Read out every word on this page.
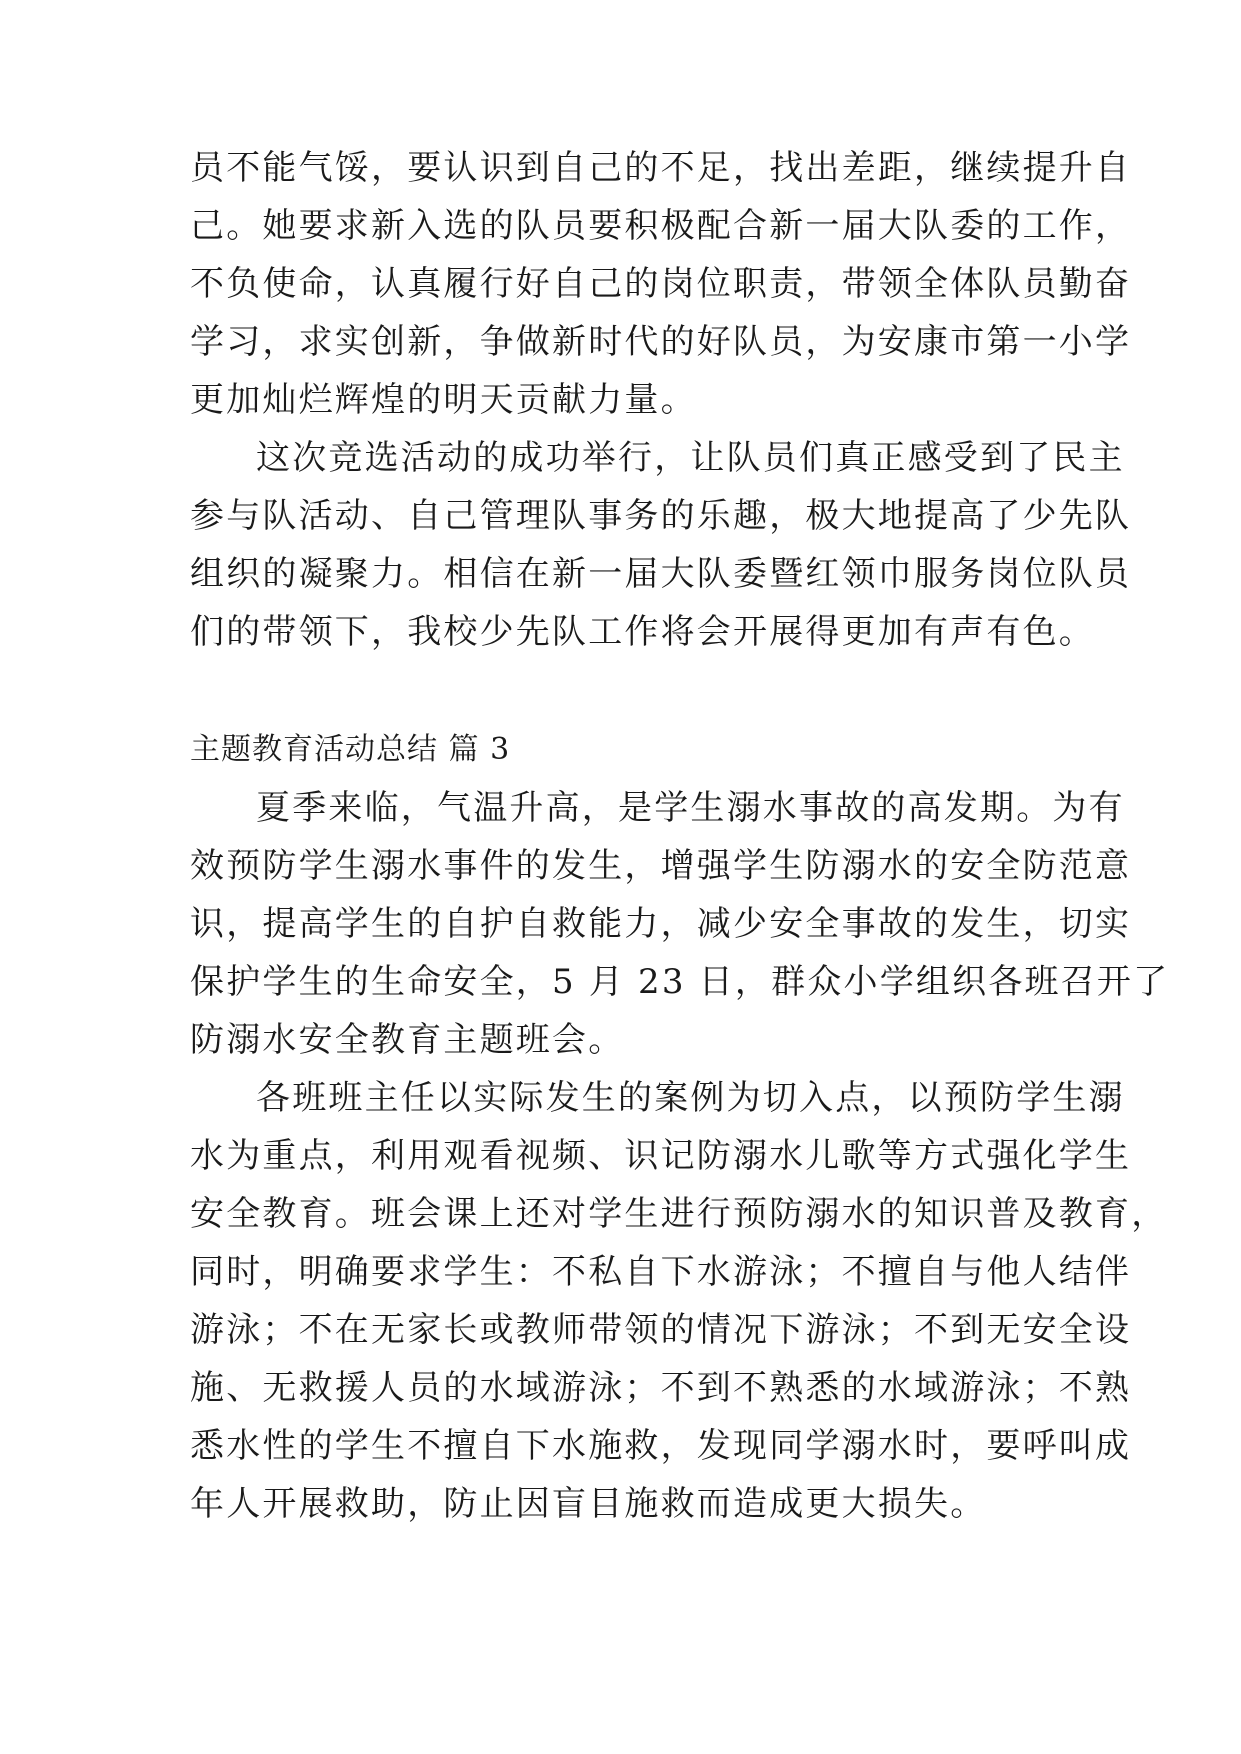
员不能气馁，要认识到自己的不足，找出差距，继续提升自
己。她要求新入选的队员要积极配合新一届大队委的工作，
不负使命，认真履行好自己的岗位职责，带领全体队员勤奋
学习，求实创新，争做新时代的好队员，为安康市第一小学
更加灿烂辉煌的明天贡献力量。
这次竞选活动的成功举行，让队员们真正感受到了民主
参与队活动、自己管理队事务的乐趣，极大地提高了少先队
组织的凝聚力。相信在新一届大队委暨红领巾服务岗位队员
们的带领下，我校少先队工作将会开展得更加有声有色。
主题教育活动总结 篇 3
夏季来临，气温升高，是学生溺水事故的高发期。为有
效预防学生溺水事件的发生，增强学生防溺水的安全防范意
识，提高学生的自护自救能力，减少安全事故的发生，切实
保护学生的生命安全，5 月 23 日，群众小学组织各班召开了
防溺水安全教育主题班会。
各班班主任以实际发生的案例为切入点，以预防学生溺
水为重点，利用观看视频、识记防溺水儿歌等方式强化学生
安全教育。班会课上还对学生进行预防溺水的知识普及教育，
同时，明确要求学生：不私自下水游泳；不擅自与他人结伴
游泳；不在无家长或教师带领的情况下游泳；不到无安全设
施、无救援人员的水域游泳；不到不熟悉的水域游泳；不熟
悉水性的学生不擅自下水施救，发现同学溺水时，要呼叫成
年人开展救助，防止因盲目施救而造成更大损失。
